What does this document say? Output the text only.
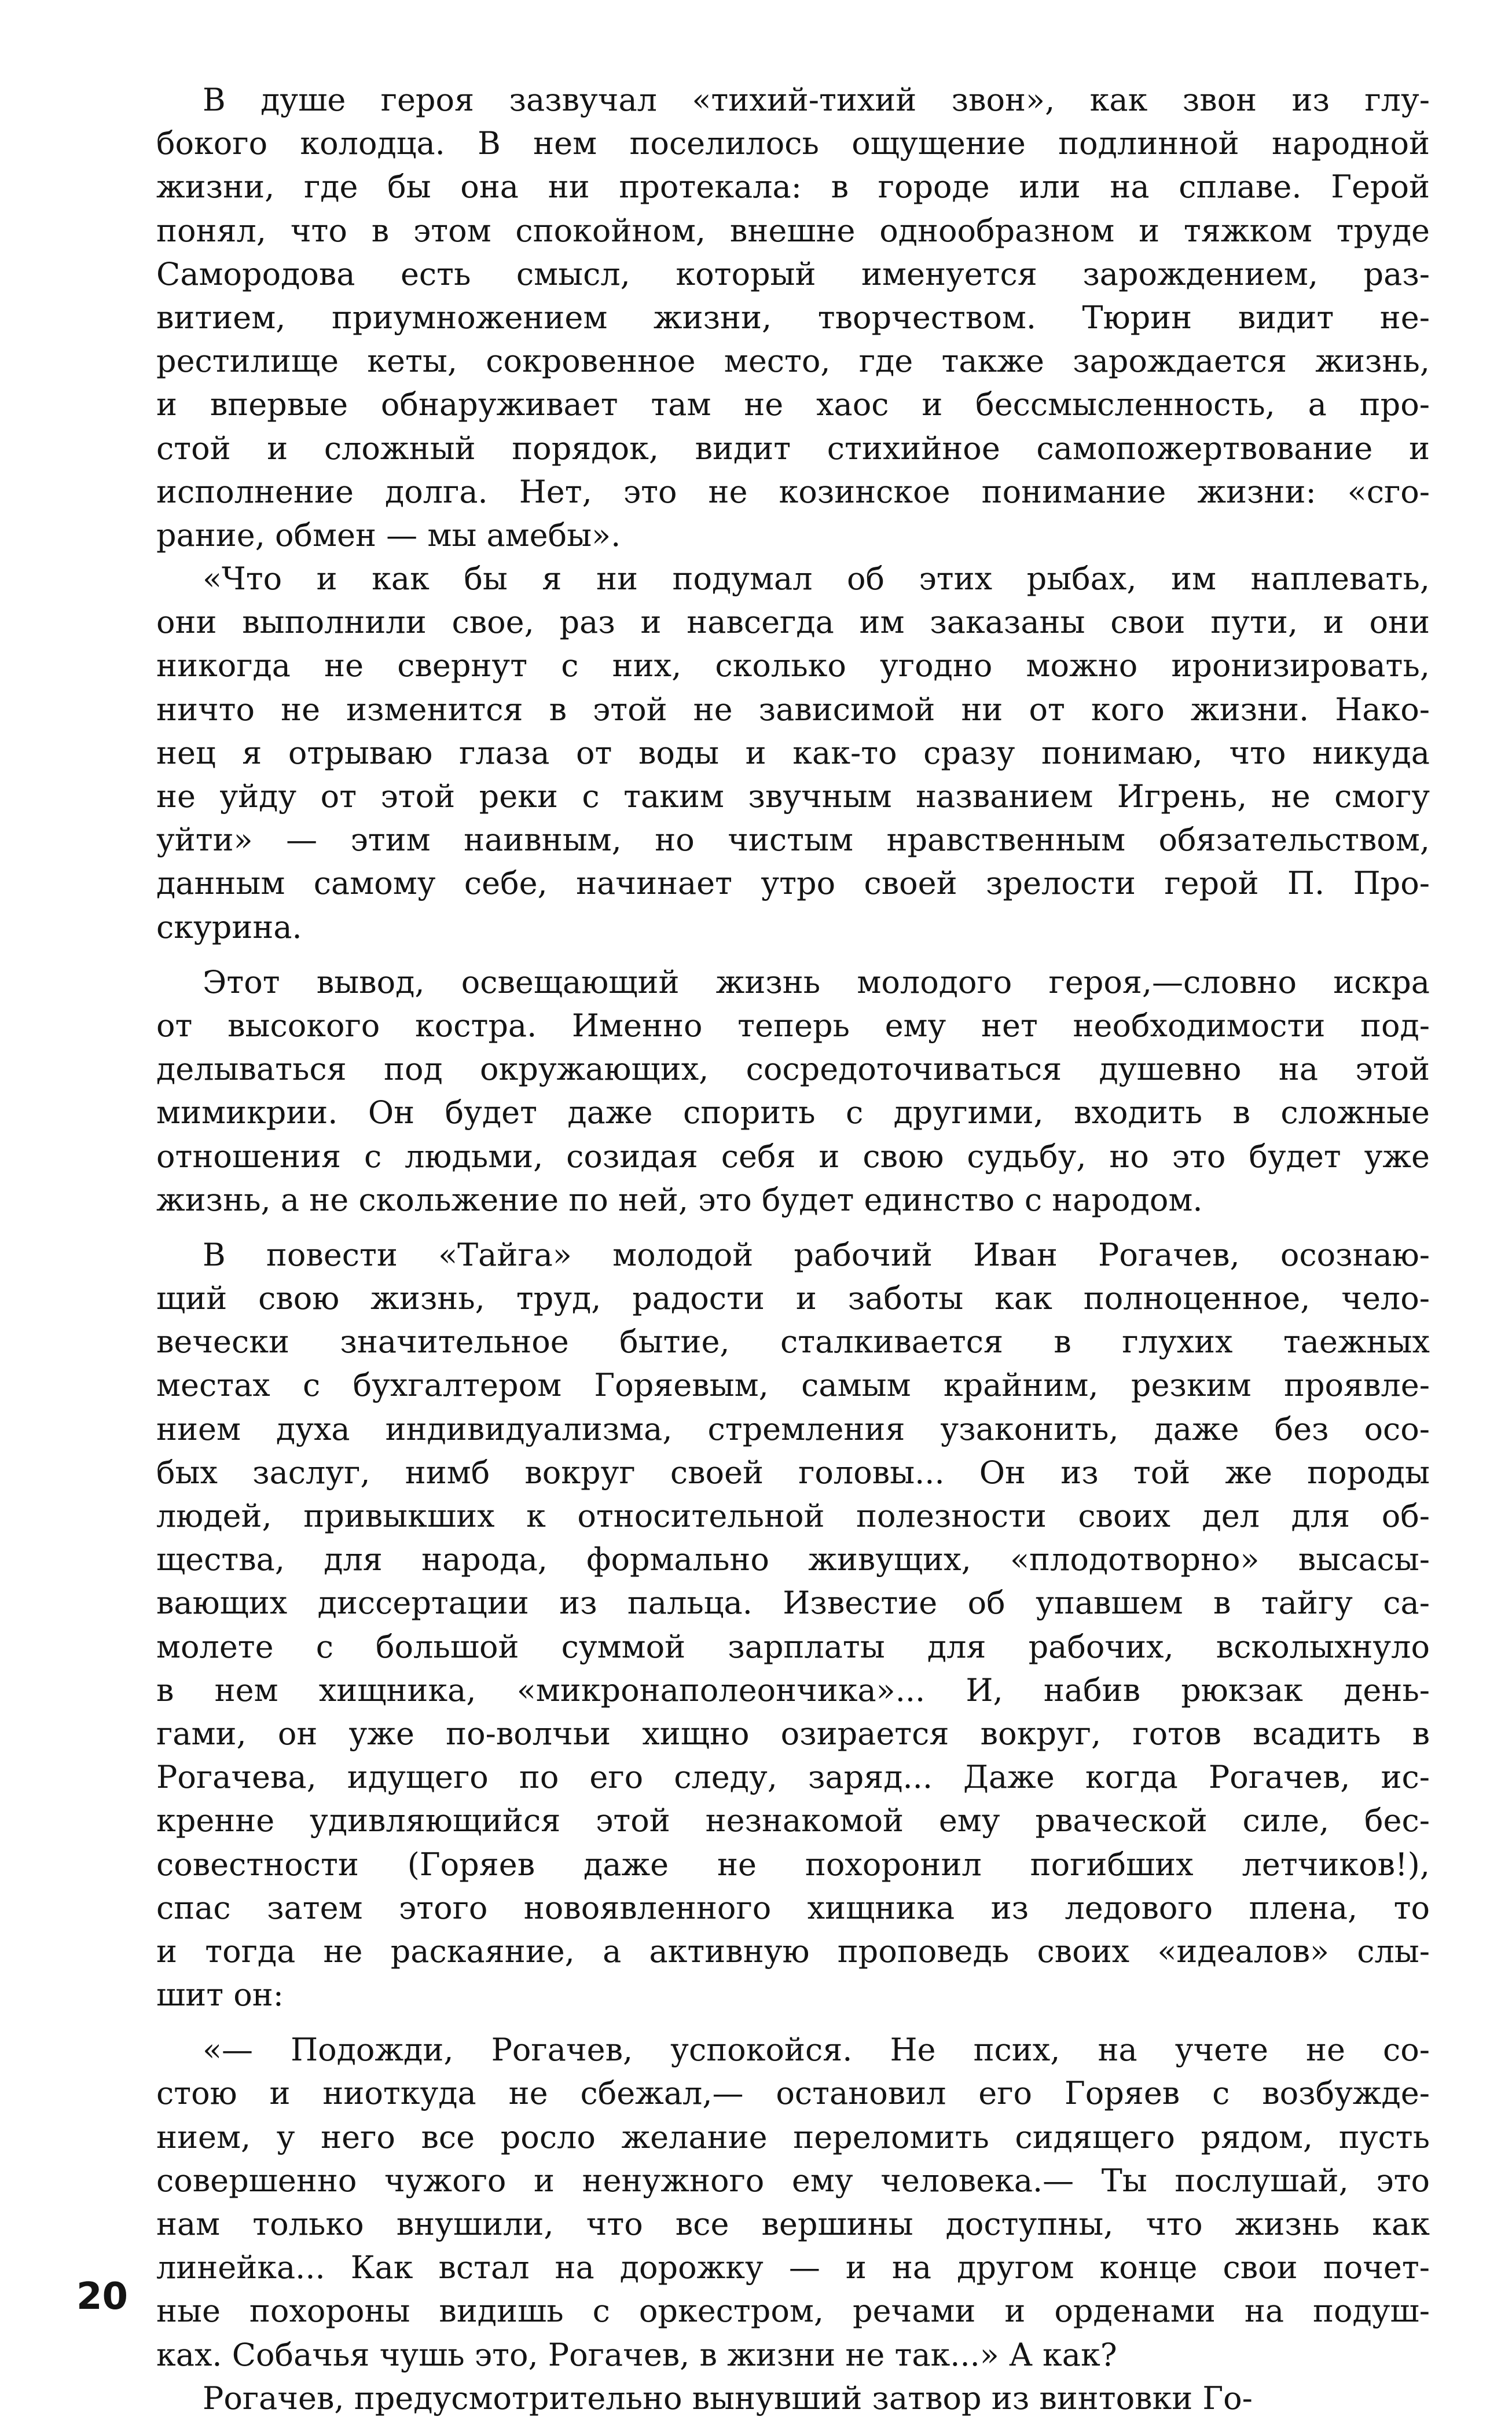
В душе героя зазвучал «тихий-тихий звон», как звон из глу-
бокого колодца. В нем поселилось ощущение подлинной народной
жизни, где бы она ни протекала: в городе или на сплаве. Герой
понял, что в этом спокойном, внешне однообразном и тяжком труде
Самородова есть смысл, который именуется зарождением, раз-
витием, приумножением жизни, творчеством. Тюрин видит не-
рестилище кеты, сокровенное место, где также зарождается жизнь,
и впервые обнаруживает там не хаос и бессмысленность, а про-
стой и сложный порядок, видит стихийное самопожертвование и
исполнение долга. Нет, это не козинское понимание жизни: «сго-
рание, обмен — мы амебы».
«Что и как бы я ни подумал об этих рыбах, им наплевать,
они выполнили свое, раз и навсегда им заказаны свои пути, и они
никогда не свернут с них, сколько угодно можно иронизировать,
ничто не изменится в этой не зависимой ни от кого жизни. Нако-
нец я отрываю глаза от воды и как-то сразу понимаю, что никуда
не уйду от этой реки с таким звучным названием Игрень, не смогу
уйти» — этим наивным, но чистым нравственным обязательством,
данным самому себе, начинает утро своей зрелости герой П. Про-
скурина.
Этот вывод, освещающий жизнь молодого героя,—словно искра
от высокого костра. Именно теперь ему нет необходимости под-
делываться под окружающих, сосредоточиваться душевно на этой
мимикрии. Он будет даже спорить с другими, входить в сложные
отношения с людьми, созидая себя и свою судьбу, но это будет уже
жизнь, а не скольжение по ней, это будет единство с народом.
В повести «Тайга» молодой рабочий Иван Рогачев, осознаю-
щий свою жизнь, труд, радости и заботы как полноценное, чело-
вечески значительное бытие, сталкивается в глухих таежных
местах с бухгалтером Горяевым, самым крайним, резким проявле-
нием духа индивидуализма, стремления узаконить, даже без осо-
бых заслуг, нимб вокруг своей головы... Он из той же породы
людей, привыкших к относительной полезности своих дел для об-
щества, для народа, формально живущих, «плодотворно» высасы-
вающих диссертации из пальца. Известие об упавшем в тайгу са-
молете с большой суммой зарплаты для рабочих, всколыхнуло
в нем хищника, «микронаполеончика»... И, набив рюкзак день-
гами, он уже по-волчьи хищно озирается вокруг, готов всадить в
Рогачева, идущего по его следу, заряд... Даже когда Рогачев, ис-
кренне удивляющийся этой незнакомой ему рваческой силе, бес-
совестности (Горяев даже не похоронил погибших летчиков!),
спас затем этого новоявленного хищника из ледового плена, то
и тогда не раскаяние, а активную проповедь своих «идеалов» слы-
шит он:
«— Подожди, Рогачев, успокойся. Не псих, на учете не со-
стою и ниоткуда не сбежал,— остановил его Горяев с возбужде-
нием, у него все росло желание переломить сидящего рядом, пусть
совершенно чужого и ненужного ему человека.— Ты послушай, это
нам только внушили, что все вершины доступны, что жизнь как
линейка... Как встал на дорожку — и на другом конце свои почет-
ные похороны видишь с оркестром, речами и орденами на подуш-
ках. Собачья чушь это, Рогачев, в жизни не так...» А как?
Рогачев, предусмотрительно вынувший затвор из винтовки Го-
20
